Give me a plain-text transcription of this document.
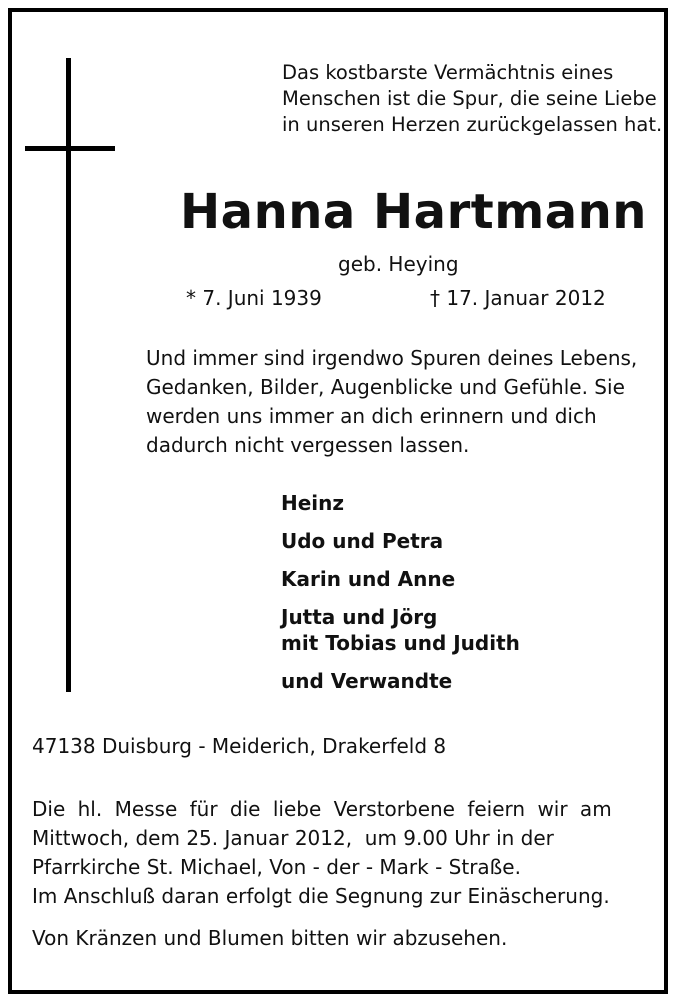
Das kostbarste Vermächtnis eines
Menschen ist die Spur, die seine Liebe
in unseren Herzen zurückgelassen hat.
Hanna Hartmann
geb. Heying
* 7. Juni 1939	† 17. Januar 2012
Und immer sind irgendwo Spuren deines Lebens,
Gedanken, Bilder, Augenblicke und Gefühle. Sie
werden uns immer an dich erinnern und dich
dadurch nicht vergessen lassen.
Heinz
Udo und Petra
Karin und Anne
Jutta und Jörg
mit Tobias und Judith
und Verwandte
47138 Duisburg - Meiderich, Drakerfeld 8
Die hl. Messe für die liebe Verstorbene feiern wir am
Mittwoch, dem 25. Januar 2012,  um 9.00 Uhr in der
Pfarrkirche St. Michael, Von - der - Mark - Straße.
Im Anschluß daran erfolgt die Segnung zur Einäscherung.
Von Kränzen und Blumen bitten wir abzusehen.
